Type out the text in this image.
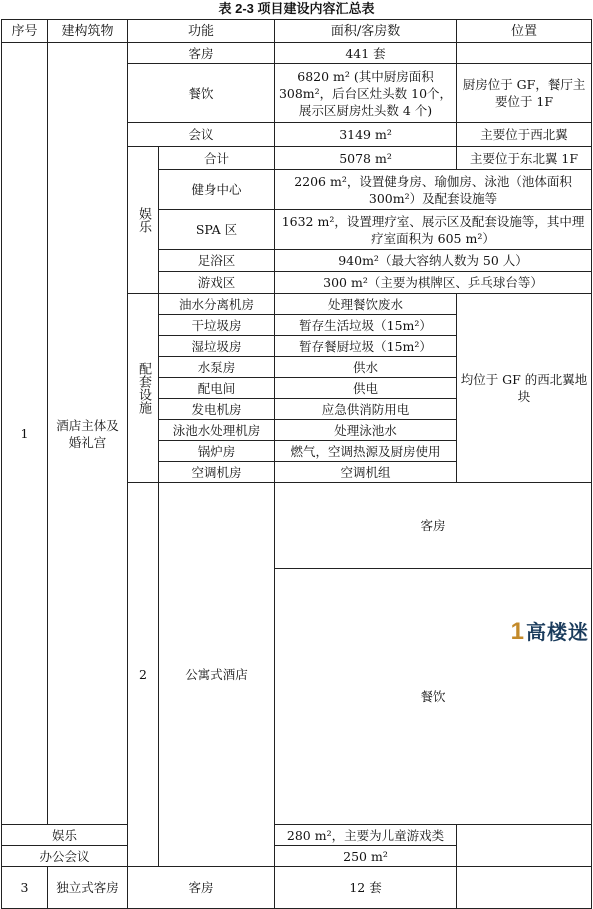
表 2-3 项目建设内容汇总表
序号	建构筑物	功能		面积/客房数	位置	
1	酒店主体及婚礼宫	客房		441 套		
		餐饮		6820 m² (其中厨房面积308m²，后台区灶头数 10个，展示区厨房灶头数 4 个)	厨房位于 GF，餐厅主要位于 1F	
		会议		3149 m²	主要位于西北翼	
		娱乐	合计	5078 m²	主要位于东北翼 1F	
			健身中心	2206 m²，设置健身房、瑜伽房、泳池（池体面积300m²）及配套设施等		
			SPA 区	1632 m²，设置理疗室、展示区及配套设施等，其中理疗室面积为 605 m²）		
			足浴区	940m²（最大容纳人数为 50 人）		
			游戏区	300 m²（主要为棋牌区、乒乓球台等）		
		配套设施	油水分离机房	处理餐饮废水	均位于 GF 的西北翼地块	
			干垃圾房	暂存生活垃圾（15m²）		
			湿垃圾房	暂存餐厨垃圾（15m²）		
			水泵房	供水		
			配电间	供电		
			发电机房	应急供消防用电		
			泳池水处理机房	处理泳池水		
			锅炉房	燃气，空调热源及厨房使用		
			空调机房	空调机组		
		2	公寓式酒店	客房		
				餐饮		
娱乐				280 m²，主要为儿童游戏类		
办公会议				250 m²		
3	独立式客房	客房		12 套		
1高楼迷
